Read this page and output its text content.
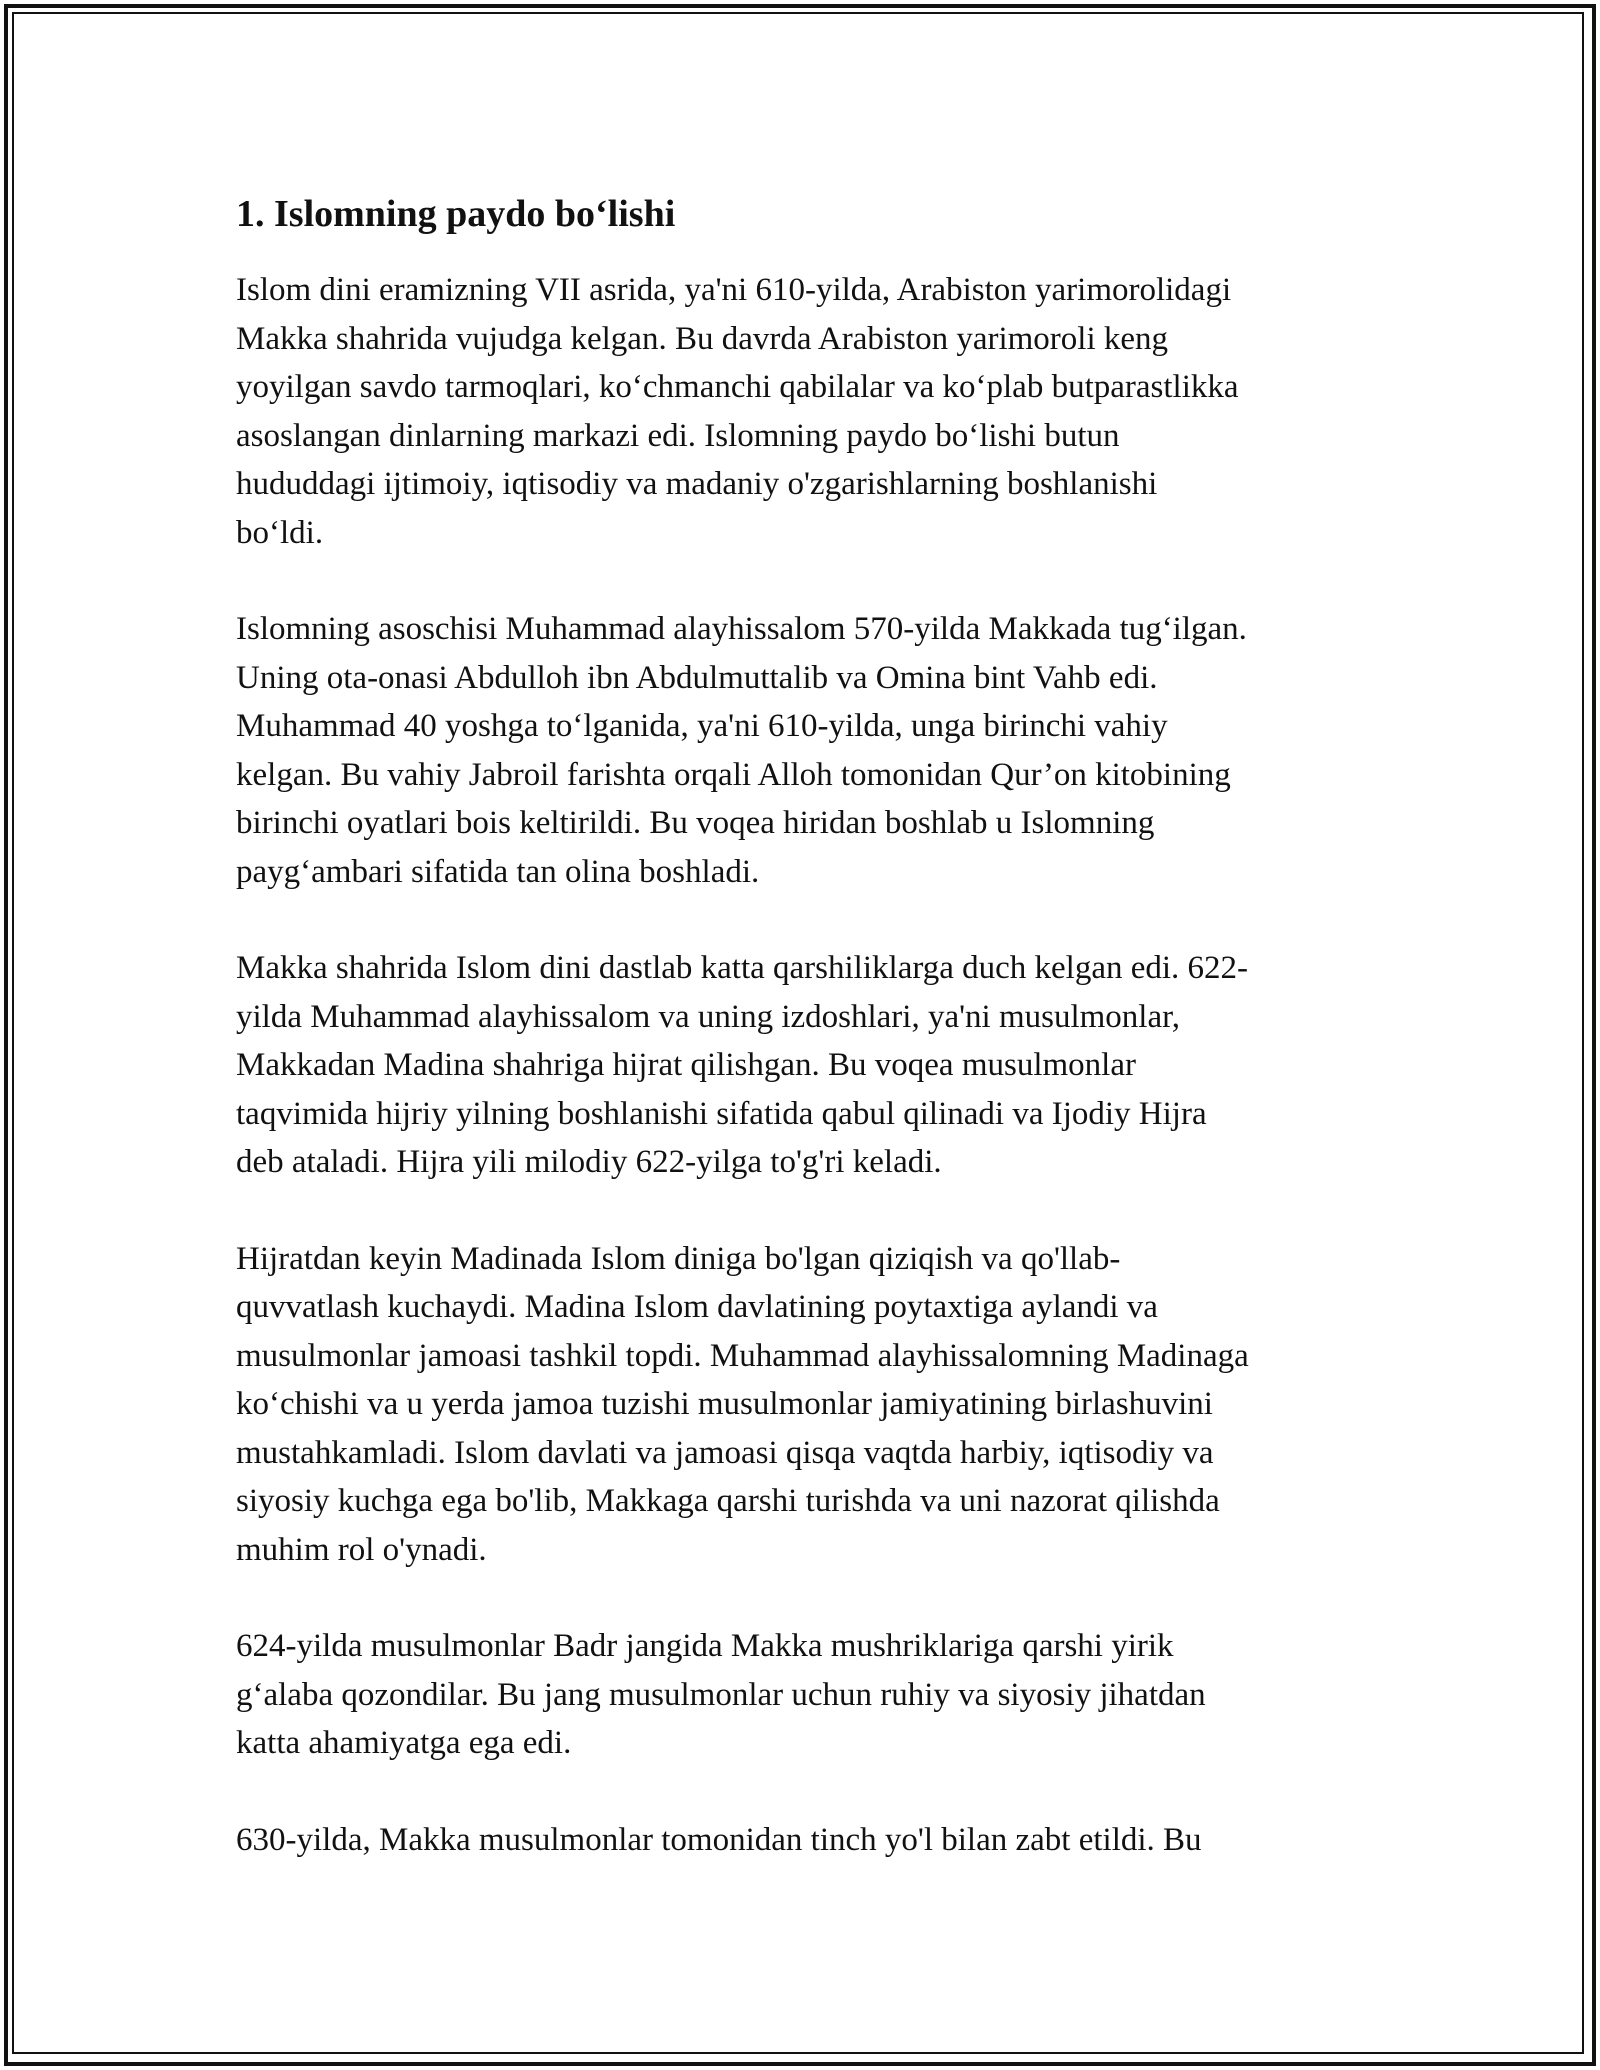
1. Islomning paydo bo‘lishi

Islom dini eramizning VII asrida, ya'ni 610-yilda, Arabiston yarimorolidagi
Makka shahrida vujudga kelgan. Bu davrda Arabiston yarimoroli keng
yoyilgan savdo tarmoqlari, ko‘chmanchi qabilalar va ko‘plab butparastlikka
asoslangan dinlarning markazi edi. Islomning paydo bo‘lishi butun
hududdagi ijtimoiy, iqtisodiy va madaniy o'zgarishlarning boshlanishi
bo‘ldi.

Islomning asoschisi Muhammad alayhissalom 570-yilda Makkada tug‘ilgan.
Uning ota-onasi Abdulloh ibn Abdulmuttalib va Omina bint Vahb edi.
Muhammad 40 yoshga to‘lganida, ya'ni 610-yilda, unga birinchi vahiy
kelgan. Bu vahiy Jabroil farishta orqali Alloh tomonidan Qur’on kitobining
birinchi oyatlari bois keltirildi. Bu voqea hiridan boshlab u Islomning
payg‘ambari sifatida tan olina boshladi.

Makka shahrida Islom dini dastlab katta qarshiliklarga duch kelgan edi. 622-
yilda Muhammad alayhissalom va uning izdoshlari, ya'ni musulmonlar,
Makkadan Madina shahriga hijrat qilishgan. Bu voqea musulmonlar
taqvimida hijriy yilning boshlanishi sifatida qabul qilinadi va Ijodiy Hijra
deb ataladi. Hijra yili milodiy 622-yilga to'g'ri keladi.

Hijratdan keyin Madinada Islom diniga bo'lgan qiziqish va qo'llab-
quvvatlash kuchaydi. Madina Islom davlatining poytaxtiga aylandi va
musulmonlar jamoasi tashkil topdi. Muhammad alayhissalomning Madinaga
ko‘chishi va u yerda jamoa tuzishi musulmonlar jamiyatining birlashuvini
mustahkamladi. Islom davlati va jamoasi qisqa vaqtda harbiy, iqtisodiy va
siyosiy kuchga ega bo'lib, Makkaga qarshi turishda va uni nazorat qilishda
muhim rol o'ynadi.

624-yilda musulmonlar Badr jangida Makka mushriklariga qarshi yirik
g‘alaba qozondilar. Bu jang musulmonlar uchun ruhiy va siyosiy jihatdan
katta ahamiyatga ega edi.

630-yilda, Makka musulmonlar tomonidan tinch yo'l bilan zabt etildi. Bu
